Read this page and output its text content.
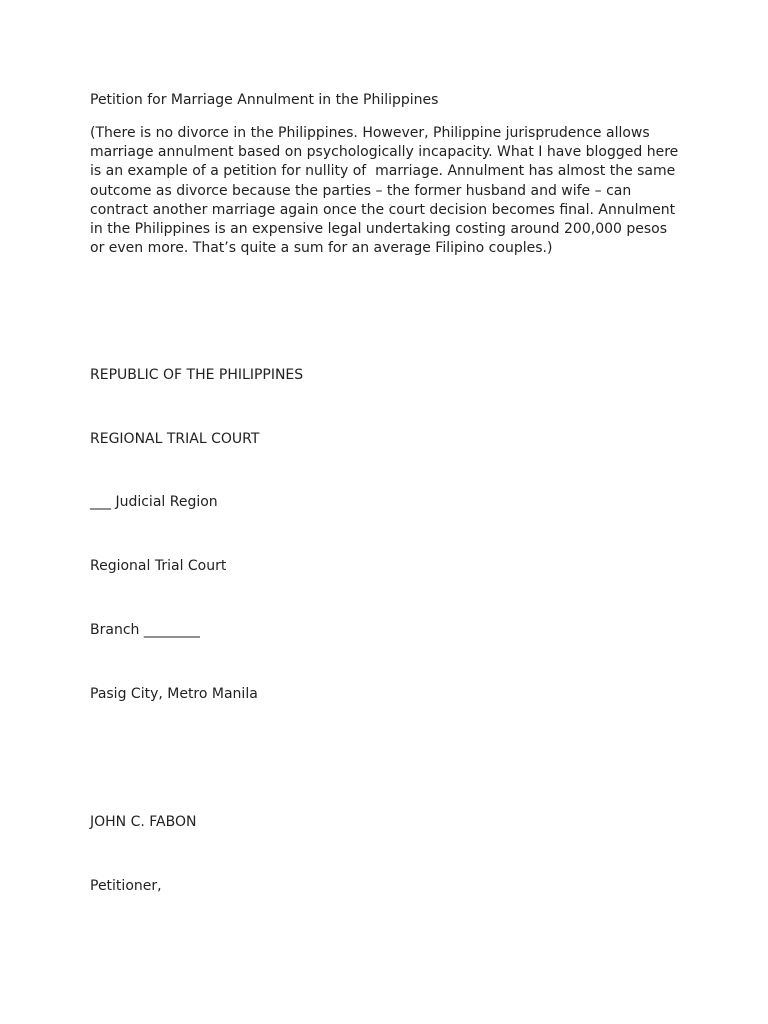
Petition for Marriage Annulment in the Philippines

(There is no divorce in the Philippines. However, Philippine jurisprudence allows
marriage annulment based on psychologically incapacity. What I have blogged here
is an example of a petition for nullity of  marriage. Annulment has almost the same
outcome as divorce because the parties – the former husband and wife – can
contract another marriage again once the court decision becomes final. Annulment
in the Philippines is an expensive legal undertaking costing around 200,000 pesos
or even more. That’s quite a sum for an average Filipino couples.)

REPUBLIC OF THE PHILIPPINES

REGIONAL TRIAL COURT

___ Judicial Region

Regional Trial Court

Branch ________

Pasig City, Metro Manila

JOHN C. FABON

Petitioner,
